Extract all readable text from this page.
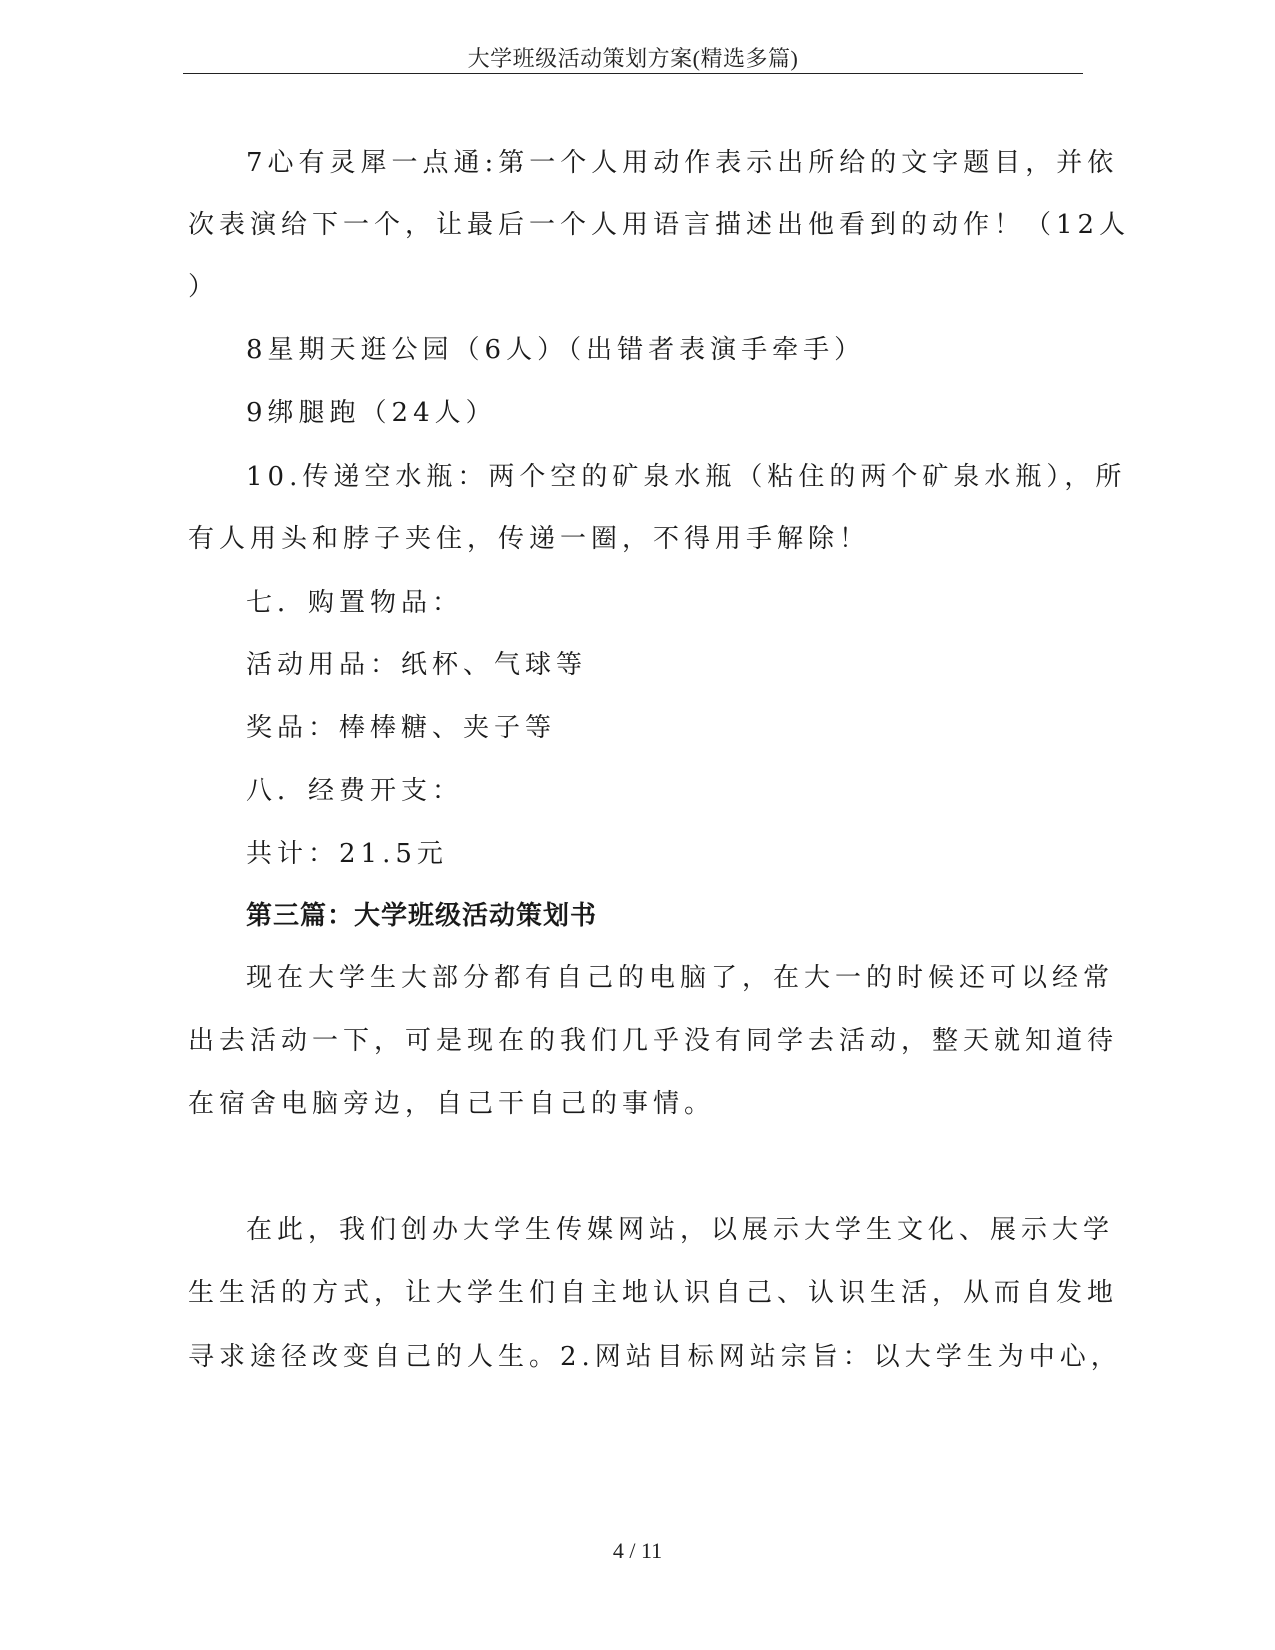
大学班级活动策划方案(精选多篇)
7心有灵犀一点通:第一个人用动作表示出所给的文字题目，并依
次表演给下一个，让最后一个人用语言描述出他看到的动作！（12人
）
8星期天逛公园（6人）（出错者表演手牵手）
9绑腿跑（24人）
10.传递空水瓶：两个空的矿泉水瓶（粘住的两个矿泉水瓶），所
有人用头和脖子夹住，传递一圈，不得用手解除！
七．购置物品：
活动用品：纸杯、气球等
奖品：棒棒糖、夹子等
八．经费开支：
共计：21.5元
第三篇：大学班级活动策划书
现在大学生大部分都有自己的电脑了，在大一的时候还可以经常
出去活动一下，可是现在的我们几乎没有同学去活动，整天就知道待
在宿舍电脑旁边，自己干自己的事情。
在此，我们创办大学生传媒网站，以展示大学生文化、展示大学
生生活的方式，让大学生们自主地认识自己、认识生活，从而自发地
寻求途径改变自己的人生。2.网站目标网站宗旨：以大学生为中心，
4 / 11
